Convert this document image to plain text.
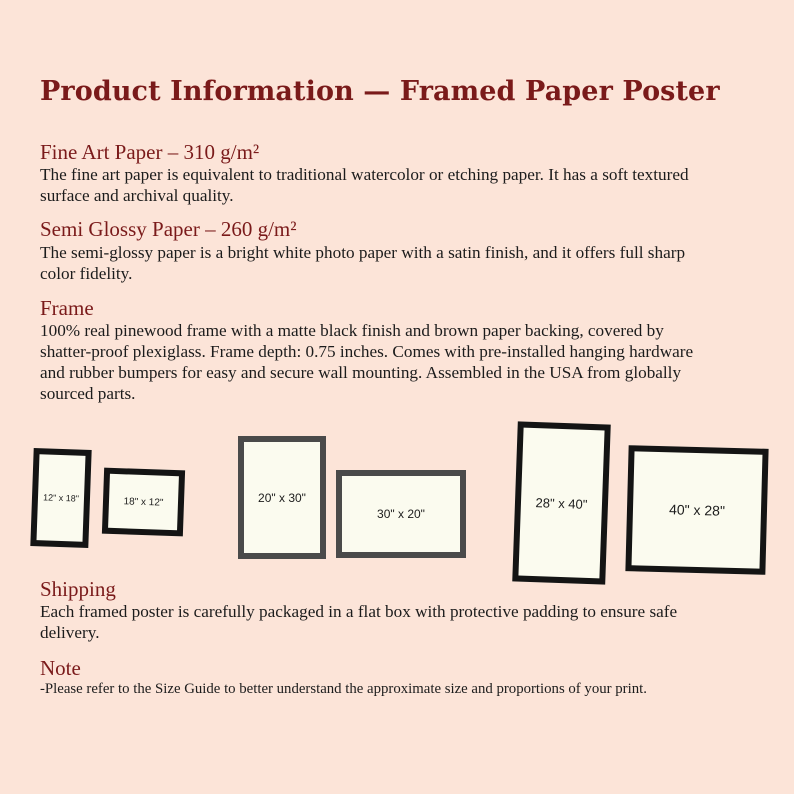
Product Information — Framed Paper Poster
Fine Art Paper – 310 g/m²
The fine art paper is equivalent to traditional watercolor or etching paper. It has a soft textured surface and archival quality.
Semi Glossy Paper – 260 g/m²
The semi-glossy paper is a bright white photo paper with a satin finish, and it offers full sharp color fidelity.
Frame
100% real pinewood frame with a matte black finish and brown paper backing, covered by shatter-proof plexiglass. Frame depth: 0.75 inches. Comes with pre-installed hanging hardware and rubber bumpers for easy and secure wall mounting. Assembled in the USA from globally sourced parts.
12" x 18"	18" x 12"	20" x 30"
30" x 20"
28" x 40"	40" x 28"
Shipping
Each framed poster is carefully packaged in a flat box with protective padding to ensure safe delivery.
Note
-Please refer to the Size Guide to better understand the approximate size and proportions of your print.
